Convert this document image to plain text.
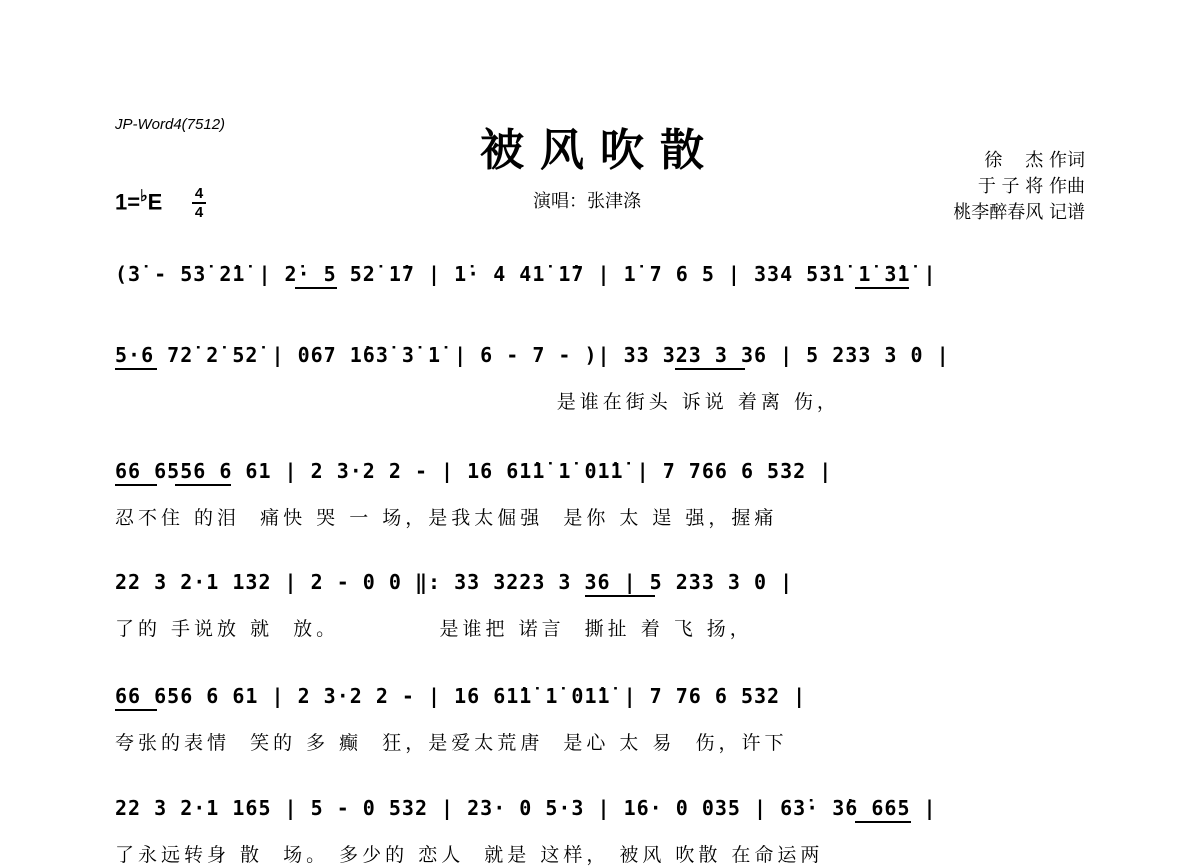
JP-Word4(7512)
被风吹散
演唱：张津涤
徐    杰 作词
于 子 将 作曲
桃李醉春风 记谱
1=♭E 4
4
(3̇ - 53̇ 2̇1̇ | 2̇· 5 52̇ 1̇7 | 1̇· 4 41̇ 1̇7 | 1̇ 7 6 5 | 334 53̇1̇ 1̇ 3̇1̇ |
5·6 72̇ 2̇ 52̇ | 067 1̇63̇ 3̇ 1̇ | 6 - 7 - )| 33 323 3 36 | 5 233 3 0 |
是谁在街头 诉说 着离 伤，
66 6556 6 61 | 2 3·2 2 - | 16 61̇1̇ 1̇ 01̇1̇ | 7 766 6 532 |
忍不住 的泪  痛快 哭 一 场，是我太倔强  是你 太 逞 强，握痛
22 3 2·1 132 | 2 - 0 0 ‖: 33 3223 3 36 | 5 233 3 0 |
了的 手说放 就  放。          是谁把 诺言  撕扯 着 飞 扬，
66 656 6 61 | 2 3·2 2 - | 16 61̇1̇ 1̇ 01̇1̇ | 7 76 6 532 |
夸张的表情  笑的 多 癫  狂，是爱太荒唐  是心 太 易  伤，许下
22 3 2·1 165 | 5 - 0 532 | 23· 0 5·3 | 16· 0 035 | 63̇· 3̇6 665 |
了永远转身 散  场。 多少的 恋人  就是 这样， 被风 吹散 在命运两
